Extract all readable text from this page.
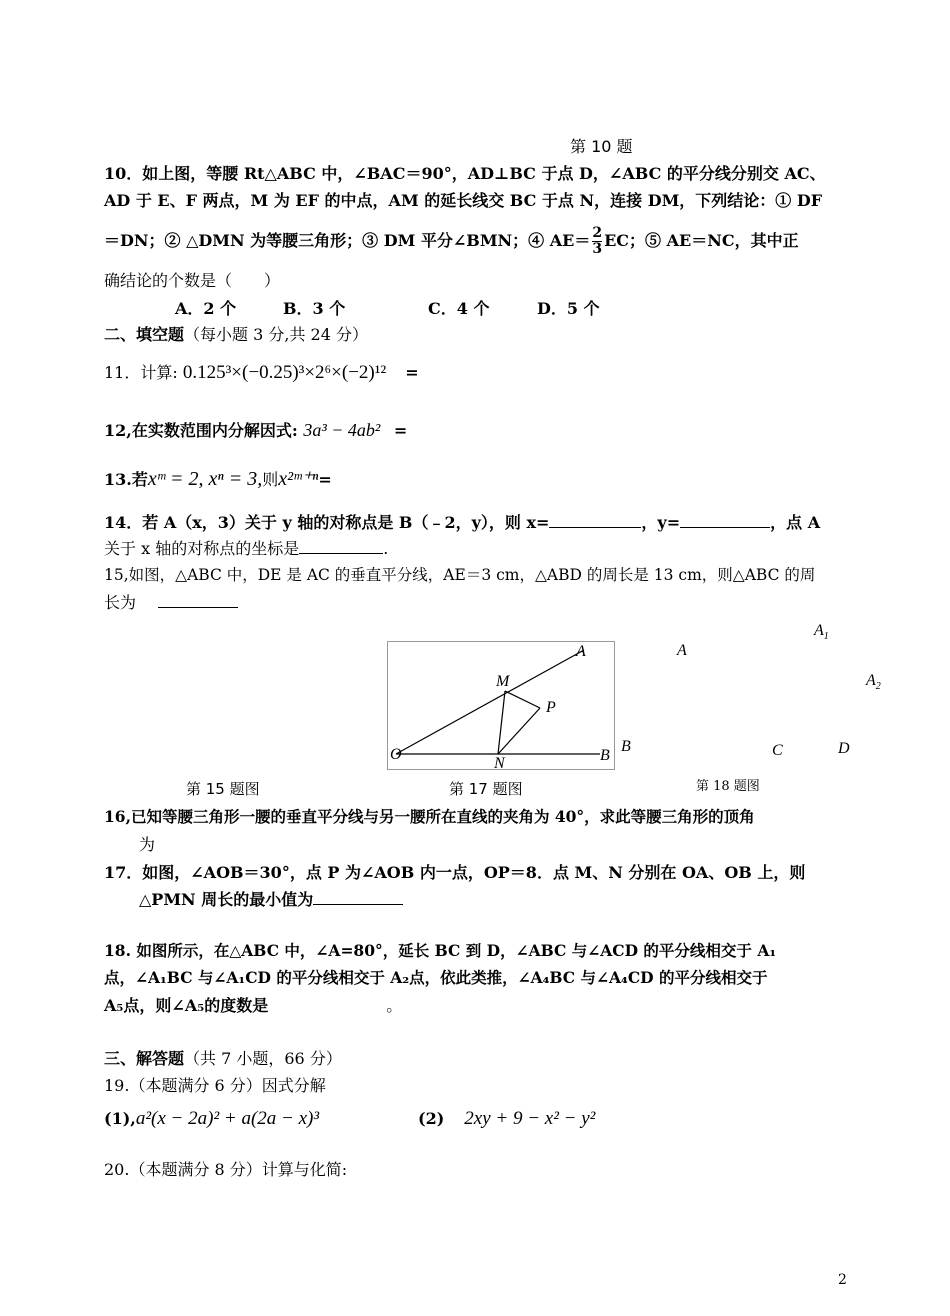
第 10 题
10．如上图，等腰 Rt△ABC 中，∠BAC＝90°，AD⊥BC 于点 D，∠ABC 的平分线分别交 AC、
AD 于 E、F 两点，M 为 EF 的中点，AM 的延长线交 BC 于点 N，连接 DM，下列结论：① DF
＝DN；② △DMN 为等腰三角形；③ DM 平分∠BMN；④ $AE= \frac{2}{3}$ EC；⑤ AE＝NC，其中正
确结论的个数是（　　）
A．2 个	B．3 个	C．4 个	D．5 个
二、填空题（每小题 3 分,共 24 分）
11．计算: 0.125³×(−0.25)³×2⁶×(−2)¹² =
12,在实数范围内分解因式: 3a³ − 4ab² =
13.若xᵐ = 2, xⁿ = 3,则x²ᵐ⁺ⁿ=
14．若 A（x，3）关于 y 轴的对称点是 B（﹣2，y），则 x=	，y=	，点 A
关于 x 轴的对称点的坐标是	.
15,如图，△ABC 中，DE 是 AC 的垂直平分线，AE＝3 cm，△ABD 的周长是 13 cm，则△ABC 的周
长为
A
M
P
O
N	B
$A_1$
A
$A_2$
B	C	D
第 15 题图	第 17 题图	第 18 题图
16,已知等腰三角形一腰的垂直平分线与另一腰所在直线的夹角为 40°，求此等腰三角形的顶角
为
17．如图，∠AOB＝30°，点 P 为∠AOB 内一点，OP＝8．点 M、N 分别在 OA、OB 上，则
△PMN 周长的最小值为
18. 如图所示，在△ABC 中，∠A=80°，延长 BC 到 D，∠ABC 与∠ACD 的平分线相交于 A₁
点，∠A₁BC 与∠A₁CD 的平分线相交于 A₂点，依此类推，∠A₄BC 与∠A₄CD 的平分线相交于
A₅点，则∠A₅的度数是	。
三、解答题（共 7 小题，66 分）
19.（本题满分 6 分）因式分解
(1),a²(x − 2a)² + a(2a − x)³	(2) 2xy + 9 − x² − y²
20.（本题满分 8 分）计算与化简:
2
